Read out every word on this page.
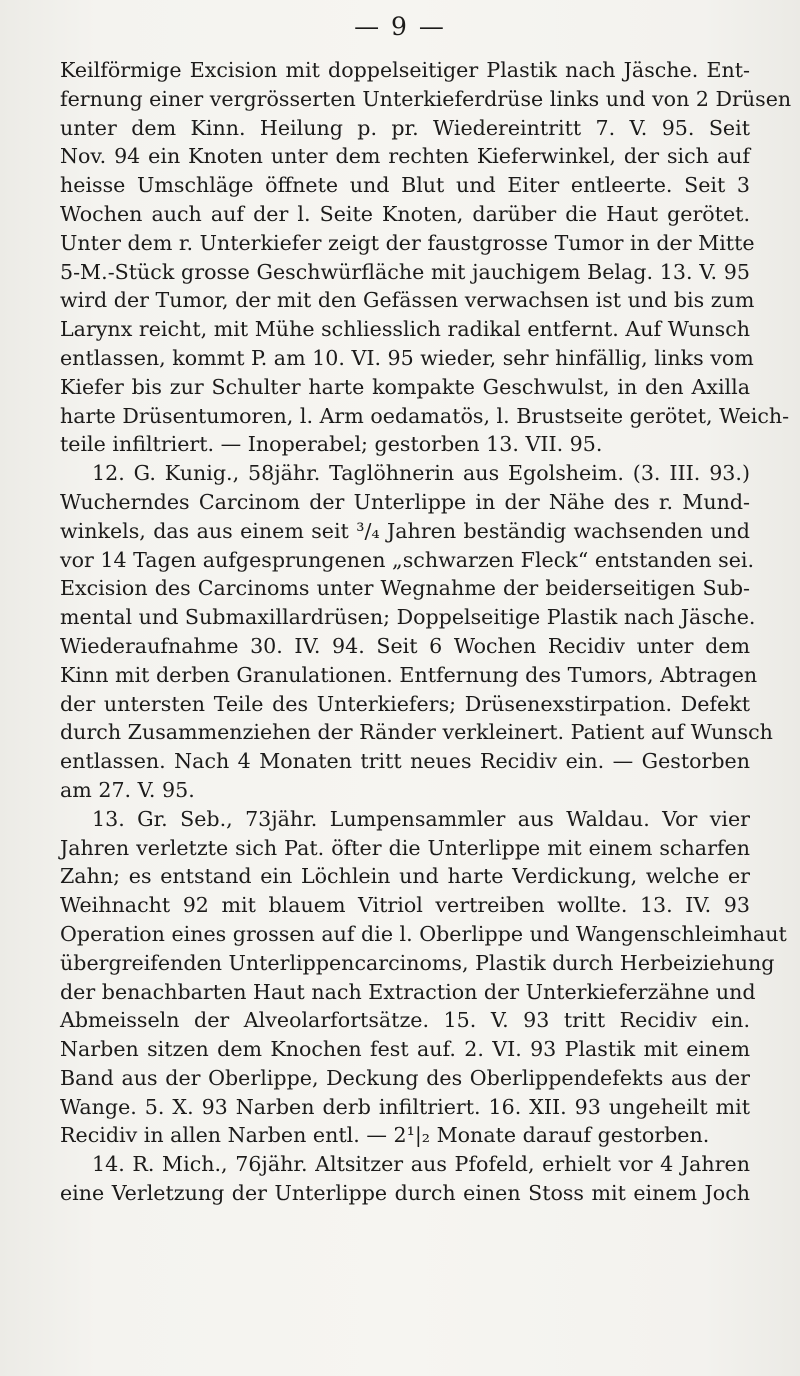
— 9 —
Keilförmige Excision mit doppelseitiger Plastik nach Jäsche. Ent-
fernung einer vergrösserten Unterkieferdrüse links und von 2 Drüsen
unter dem Kinn. Heilung p. pr. Wiedereintritt 7. V. 95. Seit
Nov. 94 ein Knoten unter dem rechten Kieferwinkel, der sich auf
heisse Umschläge öffnete und Blut und Eiter entleerte. Seit 3
Wochen auch auf der l. Seite Knoten, darüber die Haut gerötet.
Unter dem r. Unterkiefer zeigt der faustgrosse Tumor in der Mitte
5-M.-Stück grosse Geschwürfläche mit jauchigem Belag. 13. V. 95
wird der Tumor, der mit den Gefässen verwachsen ist und bis zum
Larynx reicht, mit Mühe schliesslich radikal entfernt. Auf Wunsch
entlassen, kommt P. am 10. VI. 95 wieder, sehr hinfällig, links vom
Kiefer bis zur Schulter harte kompakte Geschwulst, in den Axilla
harte Drüsentumoren, l. Arm oedamatös, l. Brustseite gerötet, Weich-
teile infiltriert. — Inoperabel; gestorben 13. VII. 95.
12. G. Kunig., 58jähr. Taglöhnerin aus Egolsheim. (3. III. 93.)
Wucherndes Carcinom der Unterlippe in der Nähe des r. Mund-
winkels, das aus einem seit ³/₄ Jahren beständig wachsenden und
vor 14 Tagen aufgesprungenen „schwarzen Fleck“ entstanden sei.
Excision des Carcinoms unter Wegnahme der beiderseitigen Sub-
mental und Submaxillardrüsen; Doppelseitige Plastik nach Jäsche.
Wiederaufnahme 30. IV. 94. Seit 6 Wochen Recidiv unter dem
Kinn mit derben Granulationen. Entfernung des Tumors, Abtragen
der untersten Teile des Unterkiefers; Drüsenexstirpation. Defekt
durch Zusammenziehen der Ränder verkleinert. Patient auf Wunsch
entlassen. Nach 4 Monaten tritt neues Recidiv ein. — Gestorben
am 27. V. 95.
13. Gr. Seb., 73jähr. Lumpensammler aus Waldau. Vor vier
Jahren verletzte sich Pat. öfter die Unterlippe mit einem scharfen
Zahn; es entstand ein Löchlein und harte Verdickung, welche er
Weihnacht 92 mit blauem Vitriol vertreiben wollte. 13. IV. 93
Operation eines grossen auf die l. Oberlippe und Wangenschleimhaut
übergreifenden Unterlippencarcinoms, Plastik durch Herbeiziehung
der benachbarten Haut nach Extraction der Unterkieferzähne und
Abmeisseln der Alveolarfortsätze. 15. V. 93 tritt Recidiv ein.
Narben sitzen dem Knochen fest auf. 2. VI. 93 Plastik mit einem
Band aus der Oberlippe, Deckung des Oberlippendefekts aus der
Wange. 5. X. 93 Narben derb infiltriert. 16. XII. 93 ungeheilt mit
Recidiv in allen Narben entl. — 2¹|₂ Monate darauf gestorben.
14. R. Mich., 76jähr. Altsitzer aus Pfofeld, erhielt vor 4 Jahren
eine Verletzung der Unterlippe durch einen Stoss mit einem Joch
